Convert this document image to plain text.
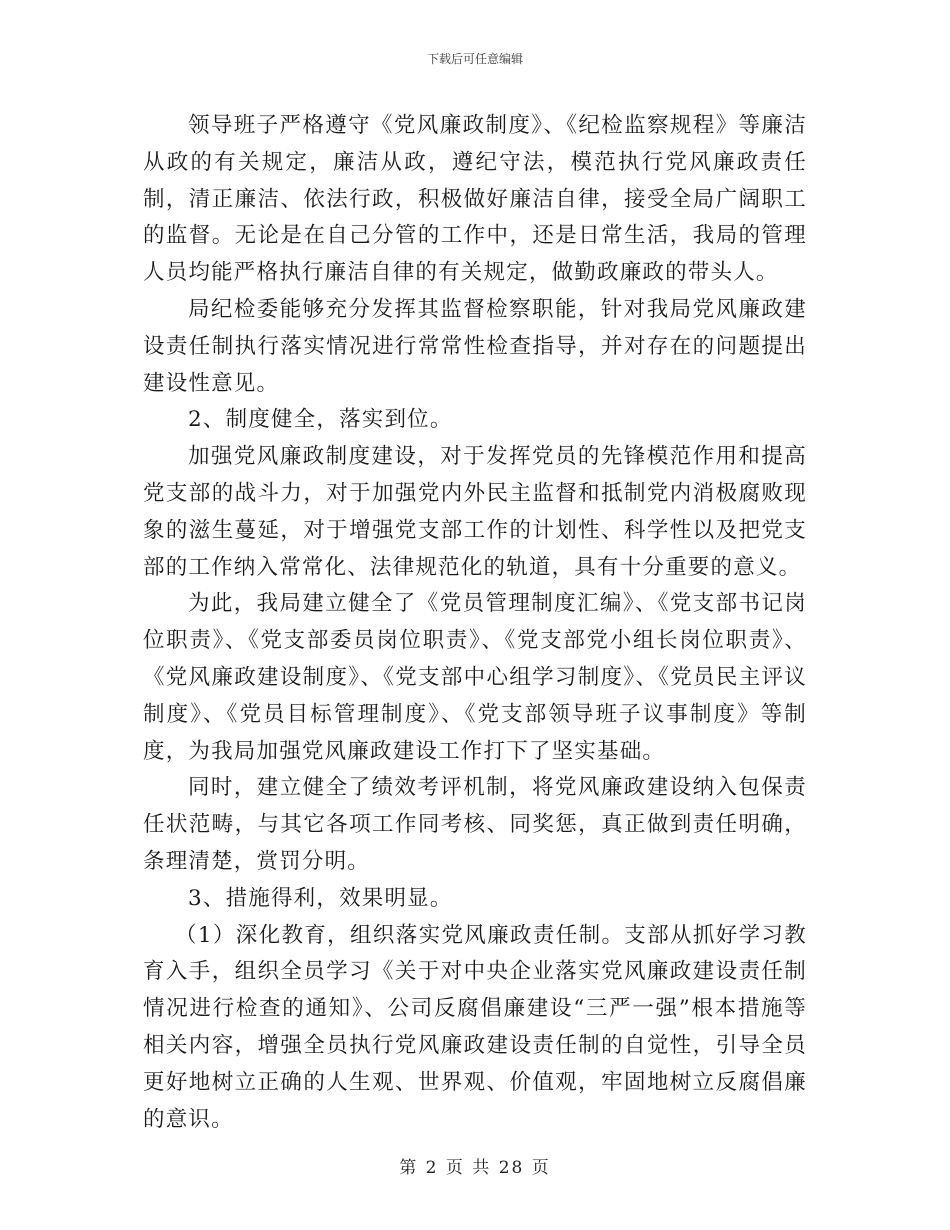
下载后可任意编辑

领导班子严格遵守《党风廉政制度》、《纪检监察规程》等廉洁从政的有关规定，廉洁从政，遵纪守法，模范执行党风廉政责任制，清正廉洁、依法行政，积极做好廉洁自律，接受全局广阔职工的监督。无论是在自己分管的工作中，还是日常生活，我局的管理人员均能严格执行廉洁自律的有关规定，做勤政廉政的带头人。

局纪检委能够充分发挥其监督检察职能，针对我局党风廉政建设责任制执行落实情况进行常常性检查指导，并对存在的问题提出建设性意见。

2、制度健全，落实到位。

加强党风廉政制度建设，对于发挥党员的先锋模范作用和提高党支部的战斗力，对于加强党内外民主监督和抵制党内消极腐败现象的滋生蔓延，对于增强党支部工作的计划性、科学性以及把党支部的工作纳入常常化、法律规范化的轨道，具有十分重要的意义。

为此，我局建立健全了《党员管理制度汇编》、《党支部书记岗位职责》、《党支部委员岗位职责》、《党支部党小组长岗位职责》、《党风廉政建设制度》、《党支部中心组学习制度》、《党员民主评议制度》、《党员目标管理制度》、《党支部领导班子议事制度》等制度，为我局加强党风廉政建设工作打下了坚实基础。

同时，建立健全了绩效考评机制，将党风廉政建设纳入包保责任状范畴，与其它各项工作同考核、同奖惩，真正做到责任明确，条理清楚，赏罚分明。

3、措施得利，效果明显。

（1）深化教育，组织落实党风廉政责任制。支部从抓好学习教育入手，组织全员学习《关于对中央企业落实党风廉政建设责任制情况进行检查的通知》、公司反腐倡廉建设“三严一强”根本措施等相关内容，增强全员执行党风廉政建设责任制的自觉性，引导全员更好地树立正确的人生观、世界观、价值观，牢固地树立反腐倡廉的意识。

第 2 页 共 28 页
